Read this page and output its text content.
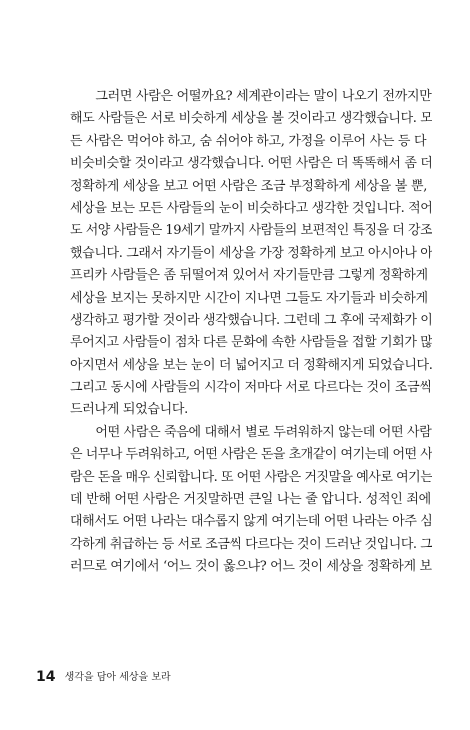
　　그러면 사람은 어떨까요? 세계관이라는 말이 나오기 전까지만
해도 사람들은 서로 비슷하게 세상을 볼 것이라고 생각했습니다. 모
든 사람은 먹어야 하고, 숨 쉬어야 하고, 가정을 이루어 사는 등 다
비슷비슷할 것이라고 생각했습니다. 어떤 사람은 더 똑똑해서 좀 더
정확하게 세상을 보고 어떤 사람은 조금 부정확하게 세상을 볼 뿐,
세상을 보는 모든 사람들의 눈이 비슷하다고 생각한 것입니다. 적어
도 서양 사람들은 19세기 말까지 사람들의 보편적인 특징을 더 강조
했습니다. 그래서 자기들이 세상을 가장 정확하게 보고 아시아나 아
프리카 사람들은 좀 뒤떨어져 있어서 자기들만큼 그렇게 정확하게
세상을 보지는 못하지만 시간이 지나면 그들도 자기들과 비슷하게
생각하고 평가할 것이라 생각했습니다. 그런데 그 후에 국제화가 이
루어지고 사람들이 점차 다른 문화에 속한 사람들을 접할 기회가 많
아지면서 세상을 보는 눈이 더 넓어지고 더 정확해지게 되었습니다.
그리고 동시에 사람들의 시각이 저마다 서로 다르다는 것이 조금씩
드러나게 되었습니다.
　　어떤 사람은 죽음에 대해서 별로 두려워하지 않는데 어떤 사람
은 너무나 두려워하고, 어떤 사람은 돈을 초개같이 여기는데 어떤 사
람은 돈을 매우 신뢰합니다. 또 어떤 사람은 거짓말을 예사로 여기는
데 반해 어떤 사람은 거짓말하면 큰일 나는 줄 압니다. 성적인 죄에
대해서도 어떤 나라는 대수롭지 않게 여기는데 어떤 나라는 아주 심
각하게 취급하는 등 서로 조금씩 다르다는 것이 드러난 것입니다. 그
러므로 여기에서 ‘어느 것이 옳으냐? 어느 것이 세상을 정확하게 보
14 생각을 담아 세상을 보라
